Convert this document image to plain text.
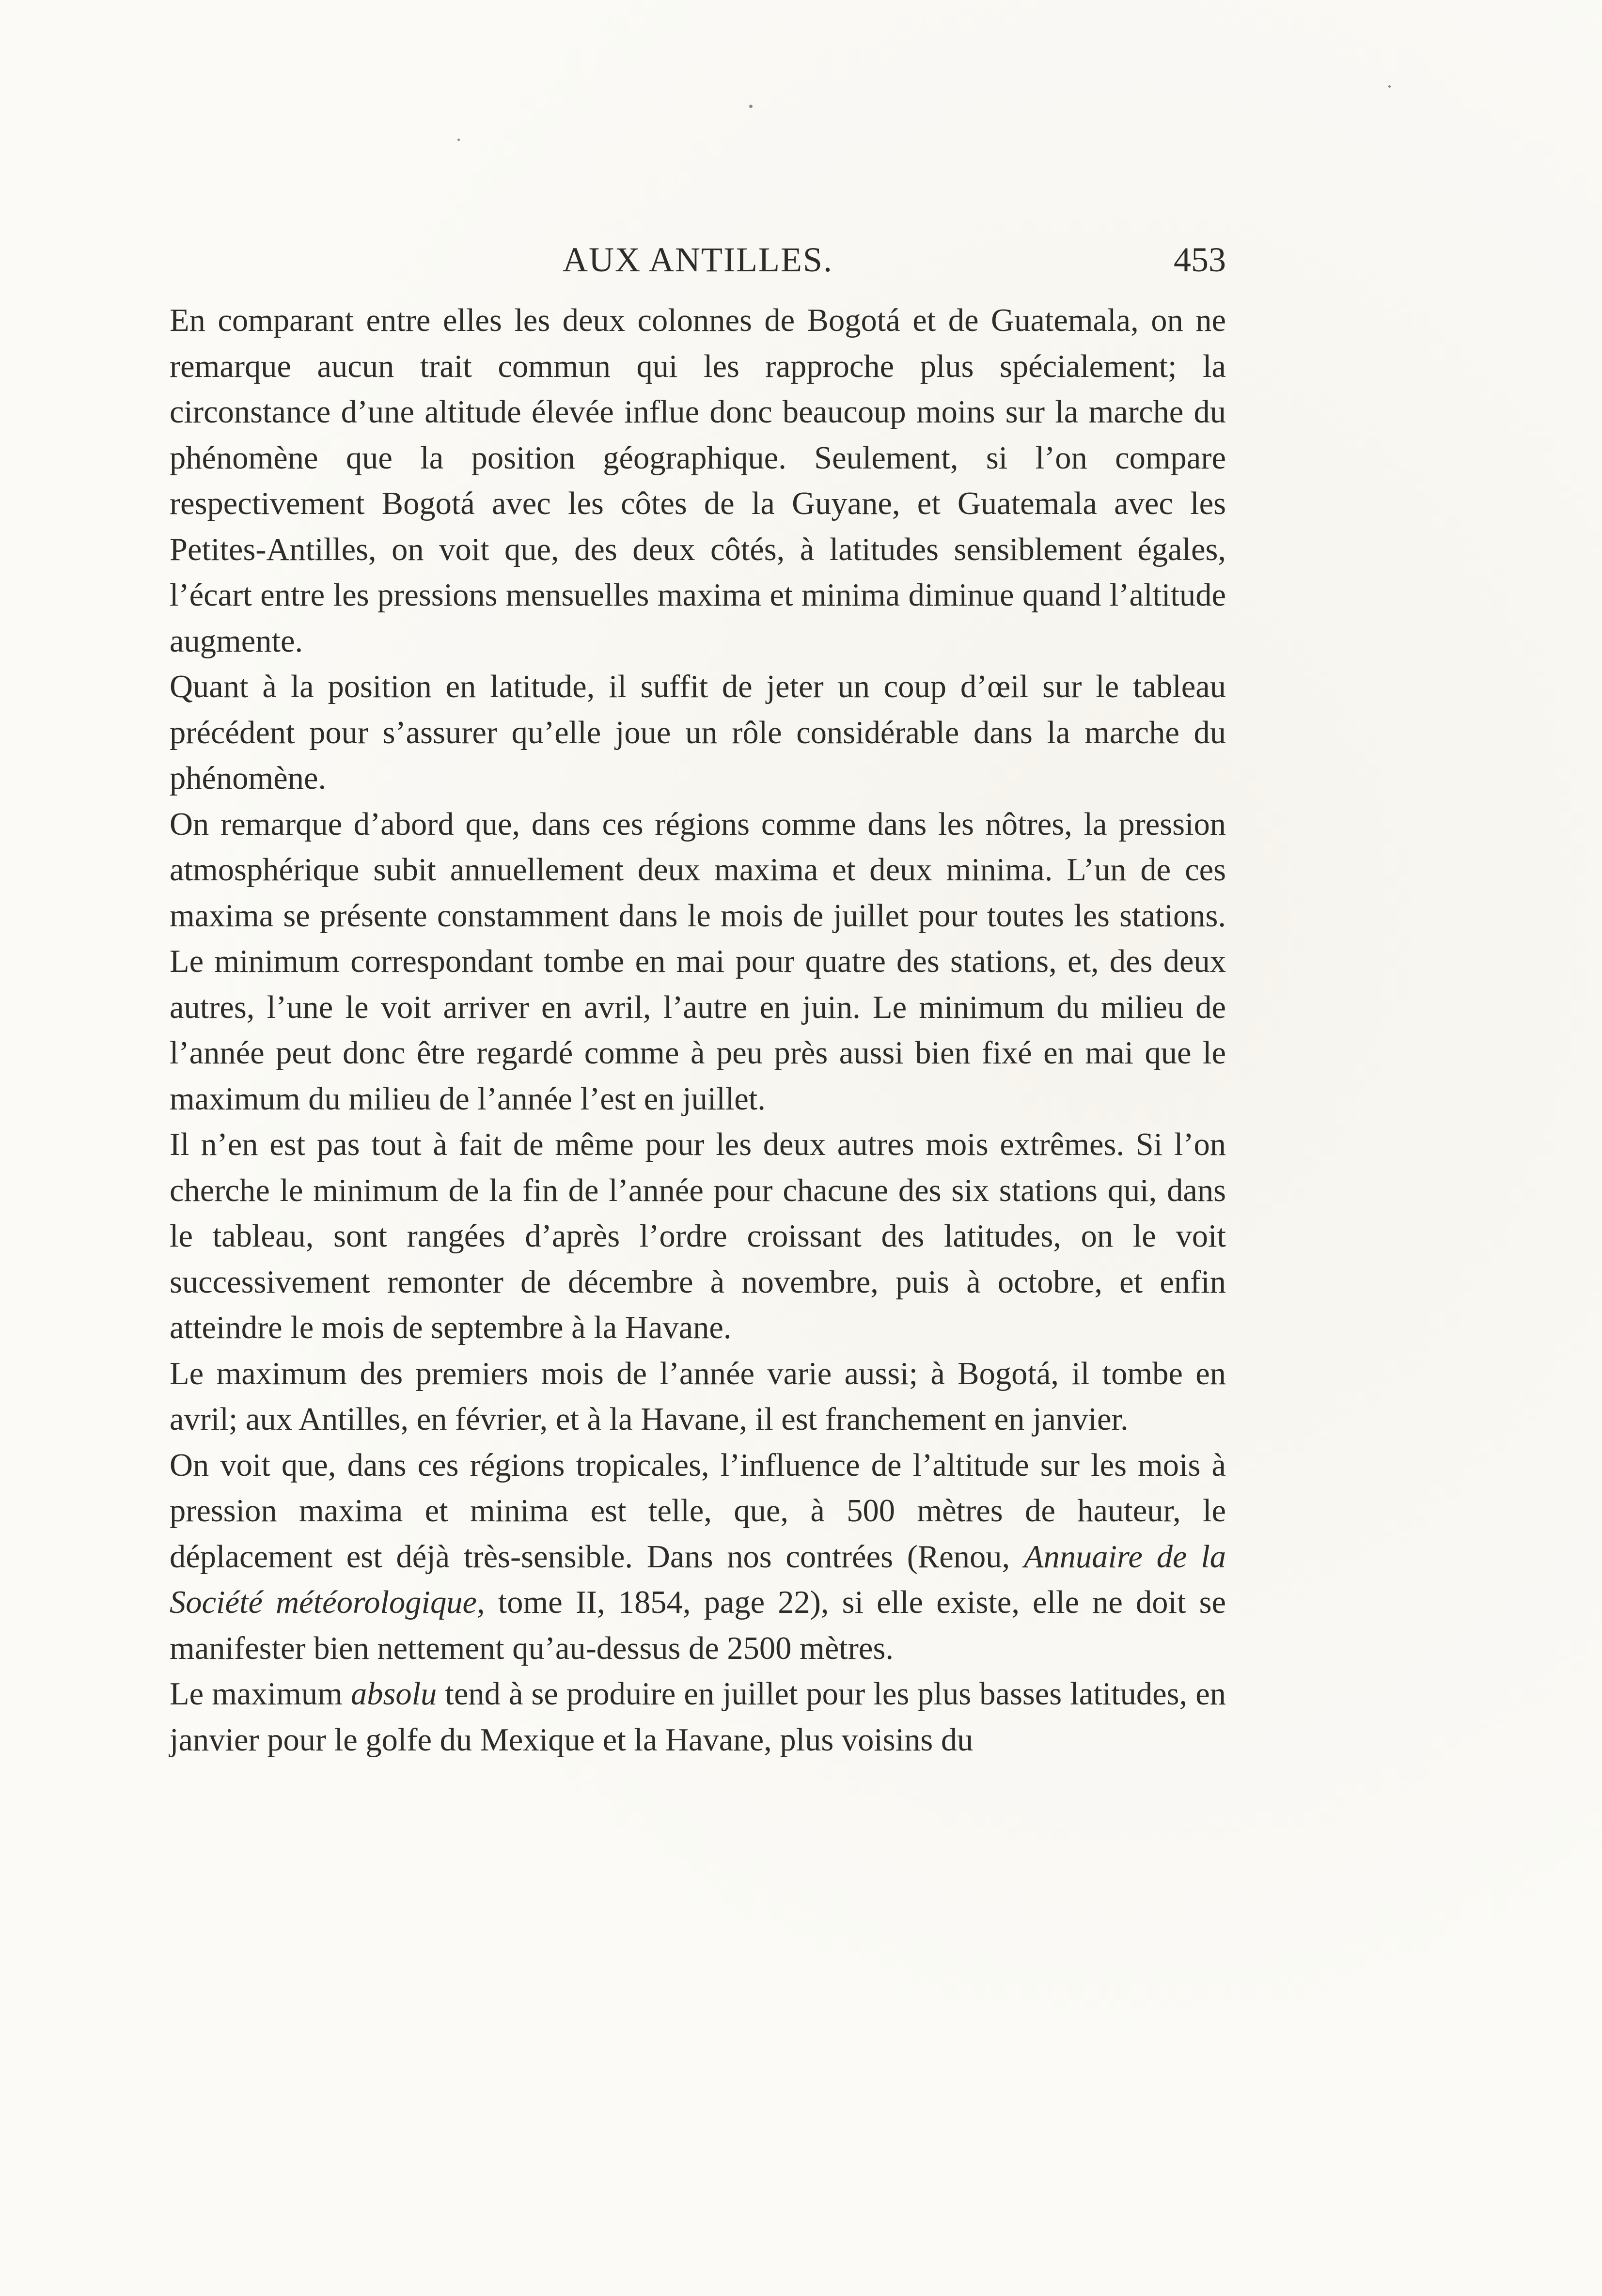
AUX ANTILLES.	453

En comparant entre elles les deux colonnes de Bogotá et de Guatemala, on ne remarque aucun trait commun qui les rapproche plus spécialement; la circonstance d’une altitude élevée influe donc beaucoup moins sur la marche du phénomène que la position géographique. Seulement, si l’on compare respectivement Bogotá avec les côtes de la Guyane, et Guatemala avec les Petites-Antilles, on voit que, des deux côtés, à latitudes sensiblement égales, l’écart entre les pressions mensuelles maxima et minima diminue quand l’altitude augmente.

Quant à la position en latitude, il suffit de jeter un coup d’œil sur le tableau précédent pour s’assurer qu’elle joue un rôle considérable dans la marche du phénomène.

On remarque d’abord que, dans ces régions comme dans les nôtres, la pression atmosphérique subit annuellement deux maxima et deux minima. L’un de ces maxima se présente constamment dans le mois de juillet pour toutes les stations. Le minimum correspondant tombe en mai pour quatre des stations, et, des deux autres, l’une le voit arriver en avril, l’autre en juin. Le minimum du milieu de l’année peut donc être regardé comme à peu près aussi bien fixé en mai que le maximum du milieu de l’année l’est en juillet.

Il n’en est pas tout à fait de même pour les deux autres mois extrêmes. Si l’on cherche le minimum de la fin de l’année pour chacune des six stations qui, dans le tableau, sont rangées d’après l’ordre croissant des latitudes, on le voit successivement remonter de décembre à novembre, puis à octobre, et enfin atteindre le mois de septembre à la Havane.

Le maximum des premiers mois de l’année varie aussi; à Bogotá, il tombe en avril; aux Antilles, en février, et à la Havane, il est franchement en janvier.

On voit que, dans ces régions tropicales, l’influence de l’altitude sur les mois à pression maxima et minima est telle, que, à 500 mètres de hauteur, le déplacement est déjà très-sensible. Dans nos contrées (Renou, Annuaire de la Société météorologique, tome II, 1854, page 22), si elle existe, elle ne doit se manifester bien nettement qu’au-dessus de 2500 mètres.

Le maximum absolu tend à se produire en juillet pour les plus basses latitudes, en janvier pour le golfe du Mexique et la Havane, plus voisins du
